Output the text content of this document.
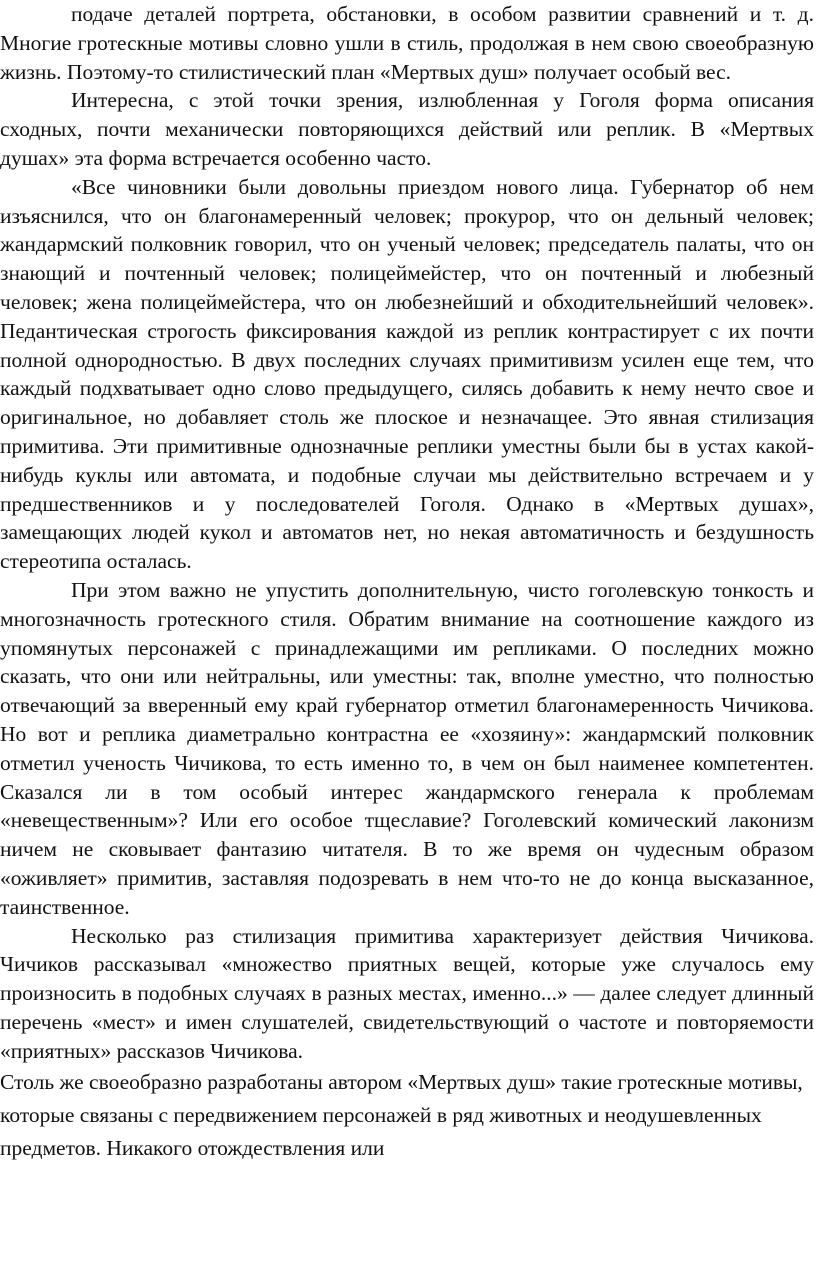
подаче деталей портрета, обстановки, в особом развитии сравнений и т. д. Многие гротескные мотивы словно ушли в стиль, продолжая в нем свою своеобразную жизнь. Поэтому-то стилистический план «Мертвых душ» получает особый вес.

Интересна, с этой точки зрения, излюбленная у Гоголя форма описания сходных, почти механически повторяющихся действий или реплик. В «Мертвых душах» эта форма встречается особенно часто.

«Все чиновники были довольны приездом нового лица. Губернатор об нем изъяснился, что он благонамеренный человек; прокурор, что он дельный человек; жандармский полковник говорил, что он ученый человек; председатель палаты, что он знающий и почтенный человек; полицеймейстер, что он почтенный и любезный человек; жена полицеймейстера, что он любезнейший и обходительнейший человек». Педантическая строгость фиксирования каждой из реплик контрастирует с их почти полной однородностью. В двух последних случаях примитивизм усилен еще тем, что каждый подхватывает одно слово предыдущего, силясь добавить к нему нечто свое и оригинальное, но добавляет столь же плоское и незначащее. Это явная стилизация примитива. Эти примитивные однозначные реплики уместны были бы в устах какой-нибудь куклы или автомата, и подобные случаи мы действительно встречаем и у предшественников и у последователей Гоголя. Однако в «Мертвых душах», замещающих людей кукол и автоматов нет, но некая автоматичность и бездушность стереотипа осталась.

При этом важно не упустить дополнительную, чисто гоголевскую тонкость и многозначность гротескного стиля. Обратим внимание на соотношение каждого из упомянутых персонажей с принадлежащими им репликами. О последних можно сказать, что они или нейтральны, или уместны: так, вполне уместно, что полностью отвечающий за вверенный ему край губернатор отметил благонамеренность Чичикова. Но вот и реплика диаметрально контрастна ее «хозяину»: жандармский полковник отметил ученость Чичикова, то есть именно то, в чем он был наименее компетентен. Сказался ли в том особый интерес жандармского генерала к проблемам «невещественным»? Или его особое тщеславие? Гоголевский комический лаконизм ничем не сковывает фантазию читателя. В то же время он чудесным образом «оживляет» примитив, заставляя подозревать в нем что-то не до конца высказанное, таинственное.

Несколько раз стилизация примитива характеризует действия Чичикова. Чичиков рассказывал «множество приятных вещей, которые уже случалось ему произносить в подобных случаях в разных местах, именно...» — далее следует длинный перечень «мест» и имен слушателей, свидетельствующий о частоте и повторяемости «приятных» рассказов Чичикова.

Столь же своеобразно разработаны автором «Мертвых душ» такие гротескные мотивы, которые связаны с передвижением персонажей в ряд животных и неодушевленных предметов. Никакого отождествления или
